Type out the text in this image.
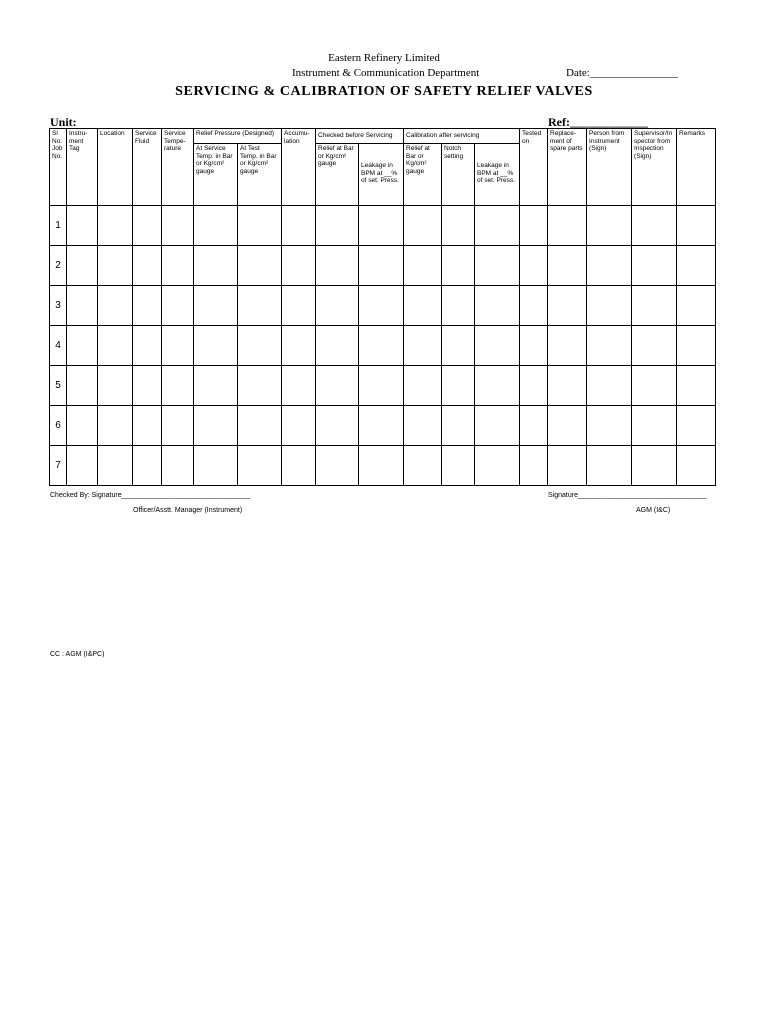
Eastern Refinery Limited
Instrument & Communication Department	Date:________________
SERVICING & CALIBRATION OF SAFETY RELIEF VALVES
Unit:	Ref:_____________
Sl No. Job No.	Instru-ment Tag	Location	Service Fluid	Service Tempe-rature	Relief Pressure (Designed)		Accumu-lation	Checked before Servicing		Calibration after servicing			Tested on	Replace-ment of spare parts	Person from Instrument (Sign)	Supervisor/In spector from Inspection (Sign)	Remarks
					At Service Temp. in Bar or Kg/cm² gauge	At Test Temp. in Bar or Kg/cm² gauge		Relief at Bar or Kg/cm² gauge	Leakage in BPM at __% of set. Press.	Relief at Bar or Kg/cm² gauge	Notch setting	Leakage in BPM at __% of set. Press.					
1																	
2																	
3																	
4																	
5																	
6																	
7																	
Checked By: Signature_________________________________
Officer/Asstt. Manager (Instrument)
Signature_________________________________
AGM (I&C)
CC : AGM (I&PC)
